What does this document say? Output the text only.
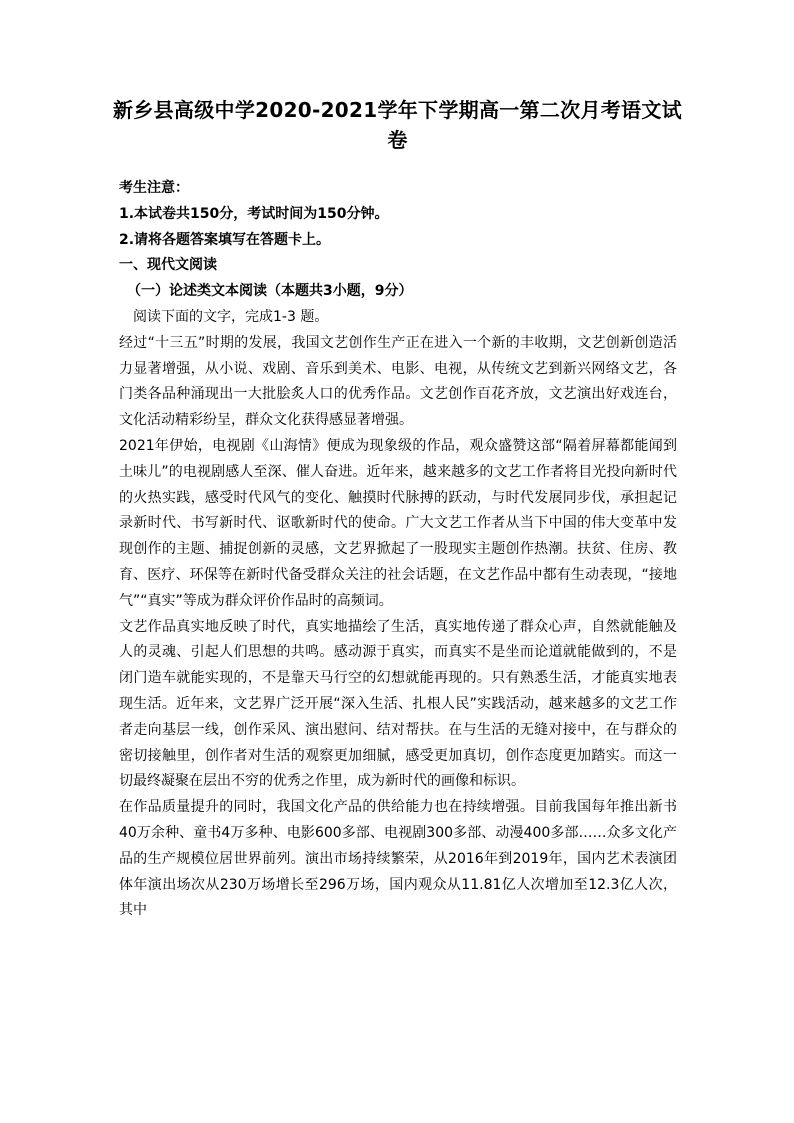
新乡县高级中学2020-2021学年下学期高一第二次月考语文试卷

考生注意：

1.本试卷共150分，考试时间为150分钟。

2.请将各题答案填写在答题卡上。

一、现代文阅读

（一）论述类文本阅读（本题共3小题，9分）

阅读下面的文字，完成1-3 题。

经过“十三五”时期的发展，我国文艺创作生产正在进入一个新的丰收期，文艺创新创造活力显著增强，从小说、戏剧、音乐到美术、电影、电视，从传统文艺到新兴网络文艺，各门类各品种涌现出一大批脍炙人口的优秀作品。文艺创作百花齐放，文艺演出好戏连台，文化活动精彩纷呈，群众文化获得感显著增强。

2021年伊始，电视剧《山海情》便成为现象级的作品，观众盛赞这部“隔着屏幕都能闻到土味儿”的电视剧感人至深、催人奋进。近年来，越来越多的文艺工作者将目光投向新时代的火热实践，感受时代风气的变化、触摸时代脉搏的跃动，与时代发展同步伐，承担起记录新时代、书写新时代、讴歌新时代的使命。广大文艺工作者从当下中国的伟大变革中发现创作的主题、捕捉创新的灵感，文艺界掀起了一股现实主题创作热潮。扶贫、住房、教育、医疗、环保等在新时代备受群众关注的社会话题，在文艺作品中都有生动表现，“接地气”“真实”等成为群众评价作品时的高频词。

文艺作品真实地反映了时代，真实地描绘了生活，真实地传递了群众心声，自然就能触及人的灵魂、引起人们思想的共鸣。感动源于真实，而真实不是坐而论道就能做到的，不是闭门造车就能实现的，不是靠天马行空的幻想就能再现的。只有熟悉生活，才能真实地表现生活。近年来，文艺界广泛开展“深入生活、扎根人民”实践活动，越来越多的文艺工作者走向基层一线，创作采风、演出慰问、结对帮扶。在与生活的无缝对接中，在与群众的密切接触里，创作者对生活的观察更加细腻，感受更加真切，创作态度更加踏实。而这一切最终凝聚在层出不穷的优秀之作里，成为新时代的画像和标识。

在作品质量提升的同时，我国文化产品的供给能力也在持续增强。目前我国每年推出新书40万余种、童书4万多种、电影600多部、电视剧300多部、动漫400多部……众多文化产品的生产规模位居世界前列。演出市场持续繁荣，从2016年到2019年，国内艺术表演团体年演出场次从230万场增长至296万场，国内观众从11.81亿人次增加至12.3亿人次，其中
